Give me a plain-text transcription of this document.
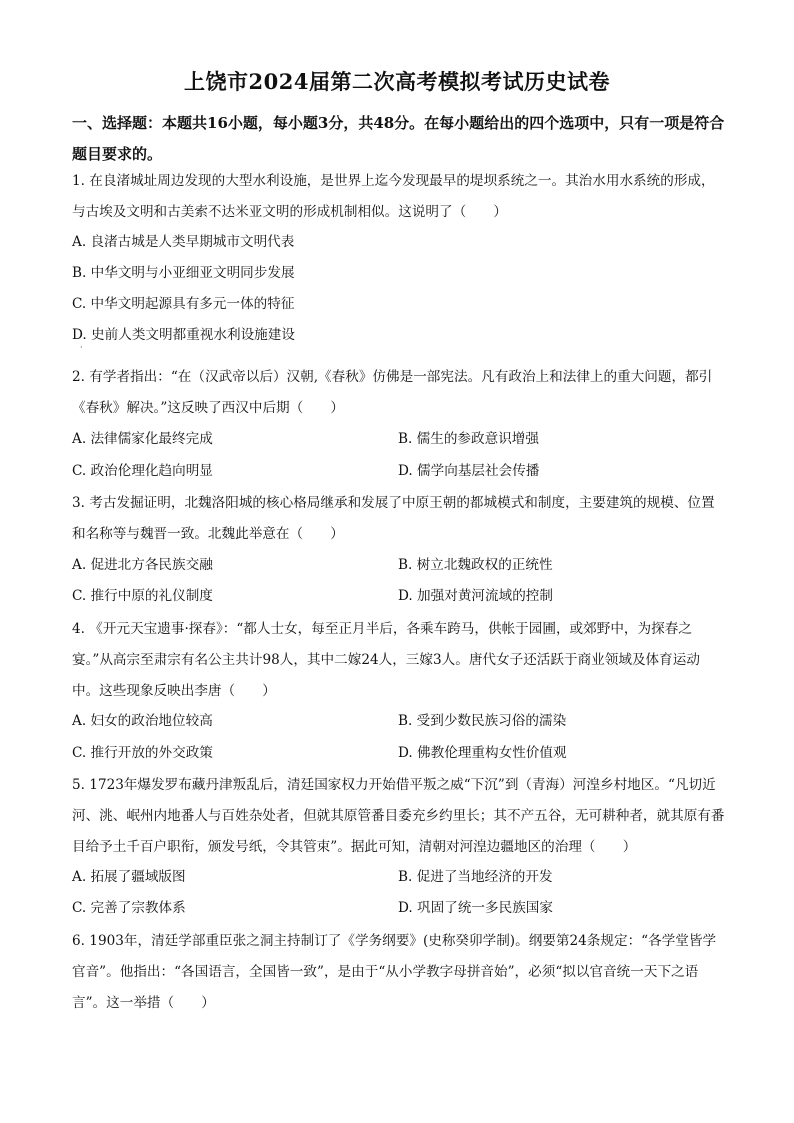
上饶市2024届第二次高考模拟考试历史试卷
一、选择题：本题共16小题，每小题3分，共48分。在每小题给出的四个选项中，只有一项是符合题目要求的。
1. 在良渚城址周边发现的大型水利设施，是世界上迄今发现最早的堤坝系统之一。其治水用水系统的形成，与古埃及文明和古美索不达米亚文明的形成机制相似。这说明了（　　）
A. 良渚古城是人类早期城市文明代表
B. 中华文明与小亚细亚文明同步发展
C. 中华文明起源具有多元一体的特征
D. 史前人类文明都重视水利设施建设
·
2. 有学者指出：“在（汉武帝以后）汉朝,《春秋》仿佛是一部宪法。凡有政治上和法律上的重大问题，都引《春秋》解决。”这反映了西汉中后期（　　）
A. 法律儒家化最终完成	B. 儒生的参政意识增强
C. 政治伦理化趋向明显	D. 儒学向基层社会传播
3. 考古发掘证明，北魏洛阳城的核心格局继承和发展了中原王朝的都城模式和制度，主要建筑的规模、位置和名称等与魏晋一致。北魏此举意在（　　）
A. 促进北方各民族交融	B. 树立北魏政权的正统性
C. 推行中原的礼仪制度	D. 加强对黄河流域的控制
4. 《开元天宝遗事·探春》：“都人士女，每至正月半后，各乘车跨马，供帐于园圃，或郊野中，为探春之宴。”从高宗至肃宗有名公主共计98人，其中二嫁24人，三嫁3人。唐代女子还活跃于商业领域及体育运动中。这些现象反映出李唐（　　）
A. 妇女的政治地位较高	B. 受到少数民族习俗的濡染
C. 推行开放的外交政策	D. 佛教伦理重构女性价值观
5. 1723年爆发罗布藏丹津叛乱后，清廷国家权力开始借平叛之威“下沉”到（青海）河湟乡村地区。“凡切近河、洮、岷州内地番人与百姓杂处者，但就其原管番目委充乡约里长；其不产五谷，无可耕种者，就其原有番目给予土千百户职衔，颁发号纸，令其管束”。据此可知，清朝对河湟边疆地区的治理（　　）
A. 拓展了疆域版图	B. 促进了当地经济的开发
C. 完善了宗教体系	D. 巩固了统一多民族国家
6. 1903年，清廷学部重臣张之洞主持制订了《学务纲要》(史称癸卯学制)。纲要第24条规定：“各学堂皆学官音”。他指出：“各国语言，全国皆一致”，是由于“从小学教字母拼音始”，必须“拟以官音统一天下之语言”。这一举措（　　）
